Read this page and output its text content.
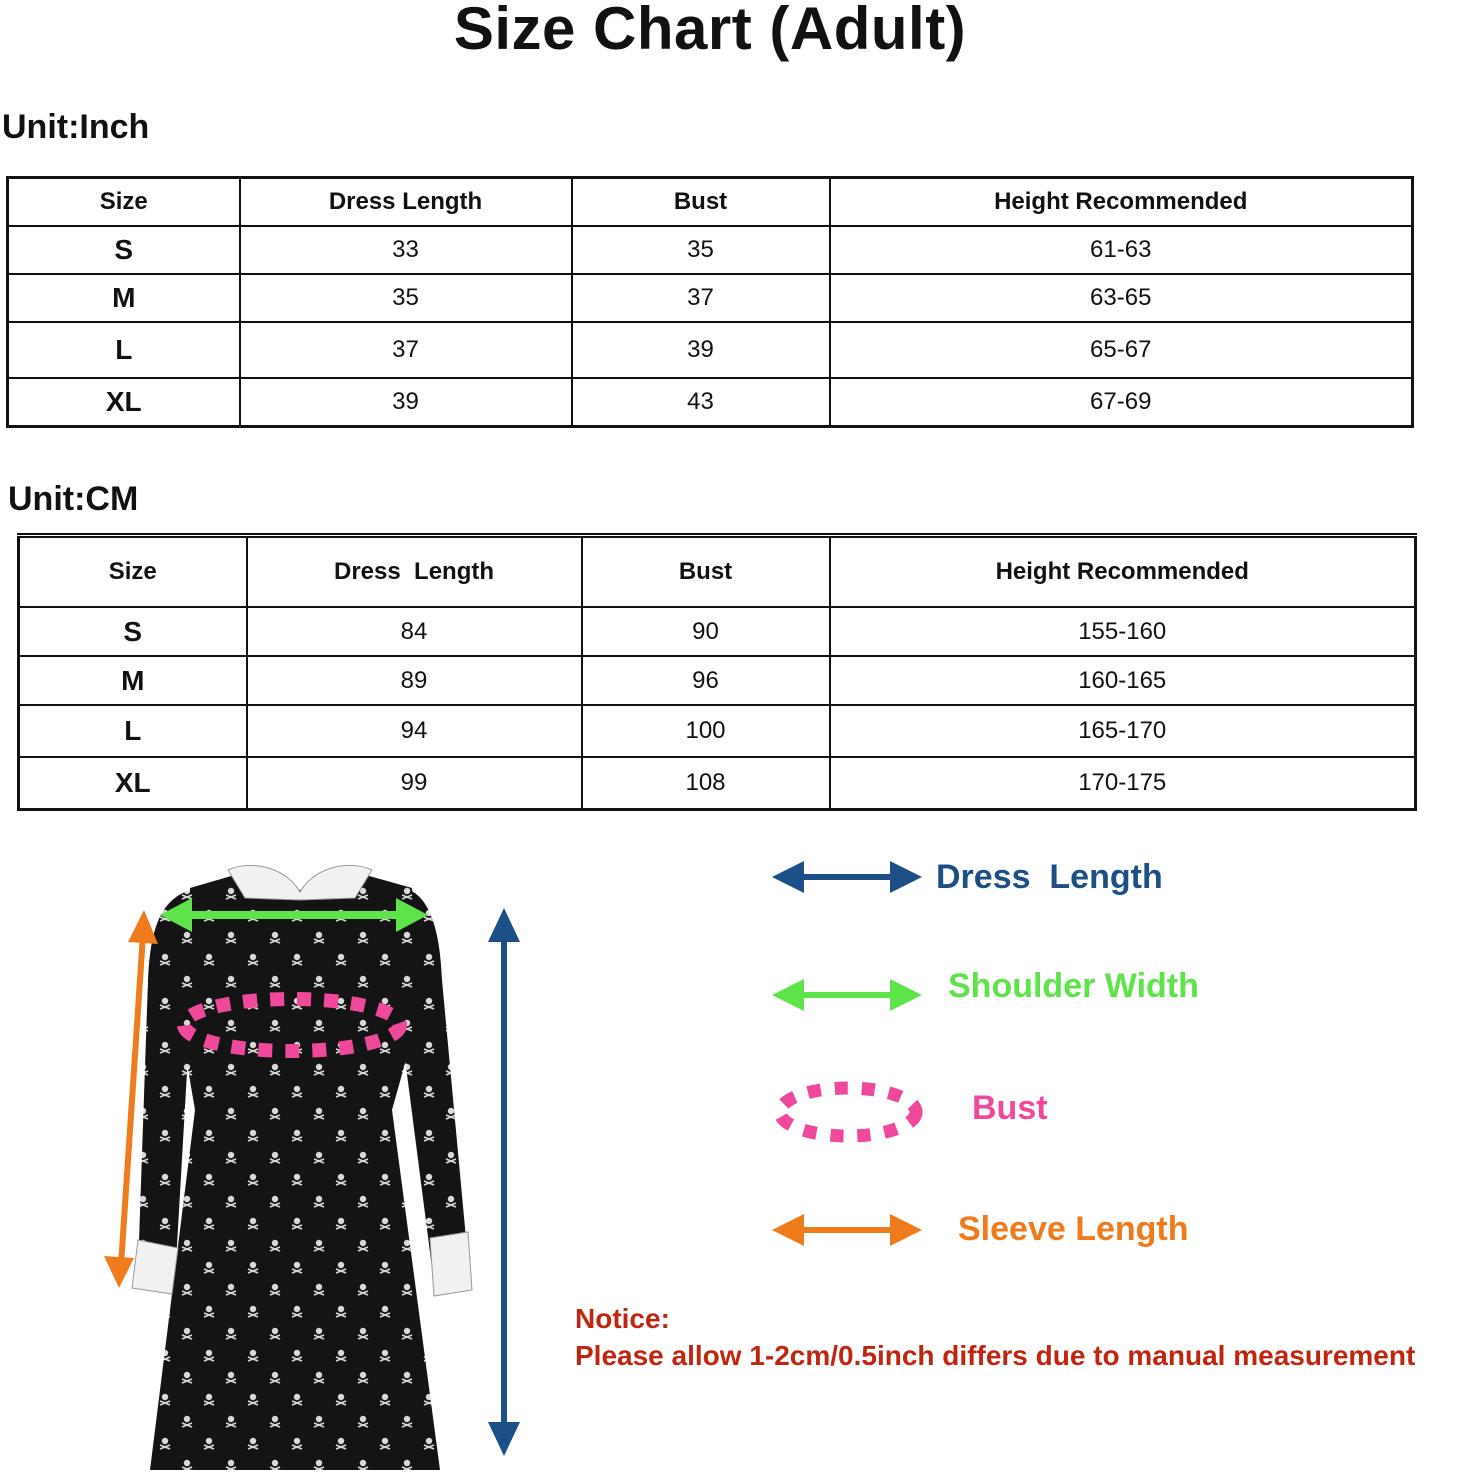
Size Chart (Adult)
Unit:Inch
Size	Dress Length	Bust	Height Recommended
S	33	35	61-63
M	35	37	63-65
L	37	39	65-67
XL	39	43	67-69
Unit:CM
Size	Dress  Length	Bust	Height Recommended
S	84	90	155-160
M	89	96	160-165
L	94	100	165-170
XL	99	108	170-175
Dress  Length
Shoulder Width
Bust
Sleeve Length
Notice:
Please allow 1-2cm/0.5inch differs due to manual measurement
